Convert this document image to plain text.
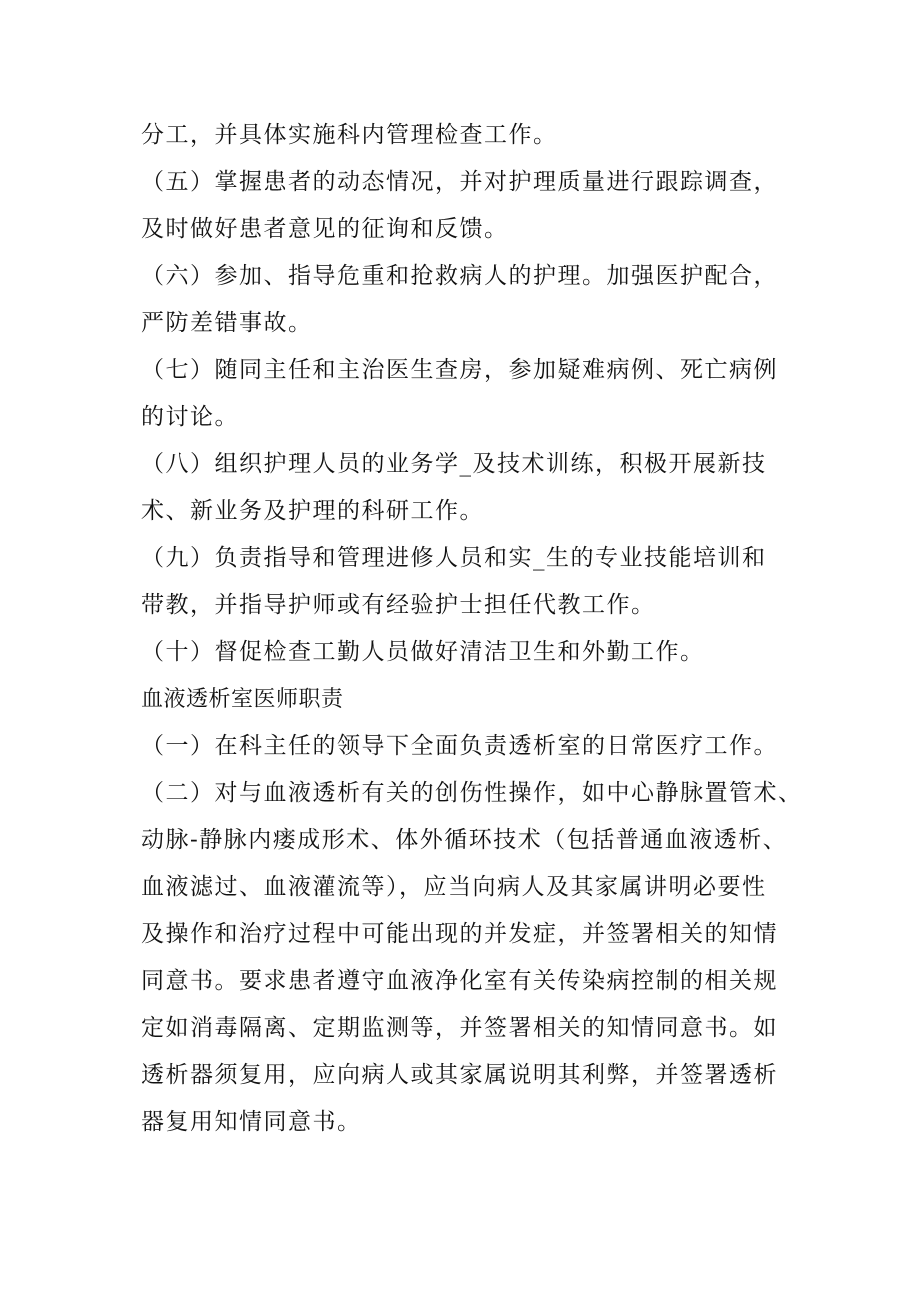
分工，并具体实施科内管理检查工作。
（五）掌握患者的动态情况，并对护理质量进行跟踪调查，
及时做好患者意见的征询和反馈。
（六）参加、指导危重和抢救病人的护理。加强医护配合，
严防差错事故。
（七）随同主任和主治医生查房，参加疑难病例、死亡病例
的讨论。
（八）组织护理人员的业务学_及技术训练，积极开展新技
术、新业务及护理的科研工作。
（九）负责指导和管理进修人员和实_生的专业技能培训和
带教，并指导护师或有经验护士担任代教工作。
（十）督促检查工勤人员做好清洁卫生和外勤工作。
血液透析室医师职责
（一）在科主任的领导下全面负责透析室的日常医疗工作。
（二）对与血液透析有关的创伤性操作，如中心静脉置管术、
动脉-静脉内瘘成形术、体外循环技术（包括普通血液透析、
血液滤过、血液灌流等），应当向病人及其家属讲明必要性
及操作和治疗过程中可能出现的并发症，并签署相关的知情
同意书。要求患者遵守血液净化室有关传染病控制的相关规
定如消毒隔离、定期监测等，并签署相关的知情同意书。如
透析器须复用，应向病人或其家属说明其利弊，并签署透析
器复用知情同意书。
